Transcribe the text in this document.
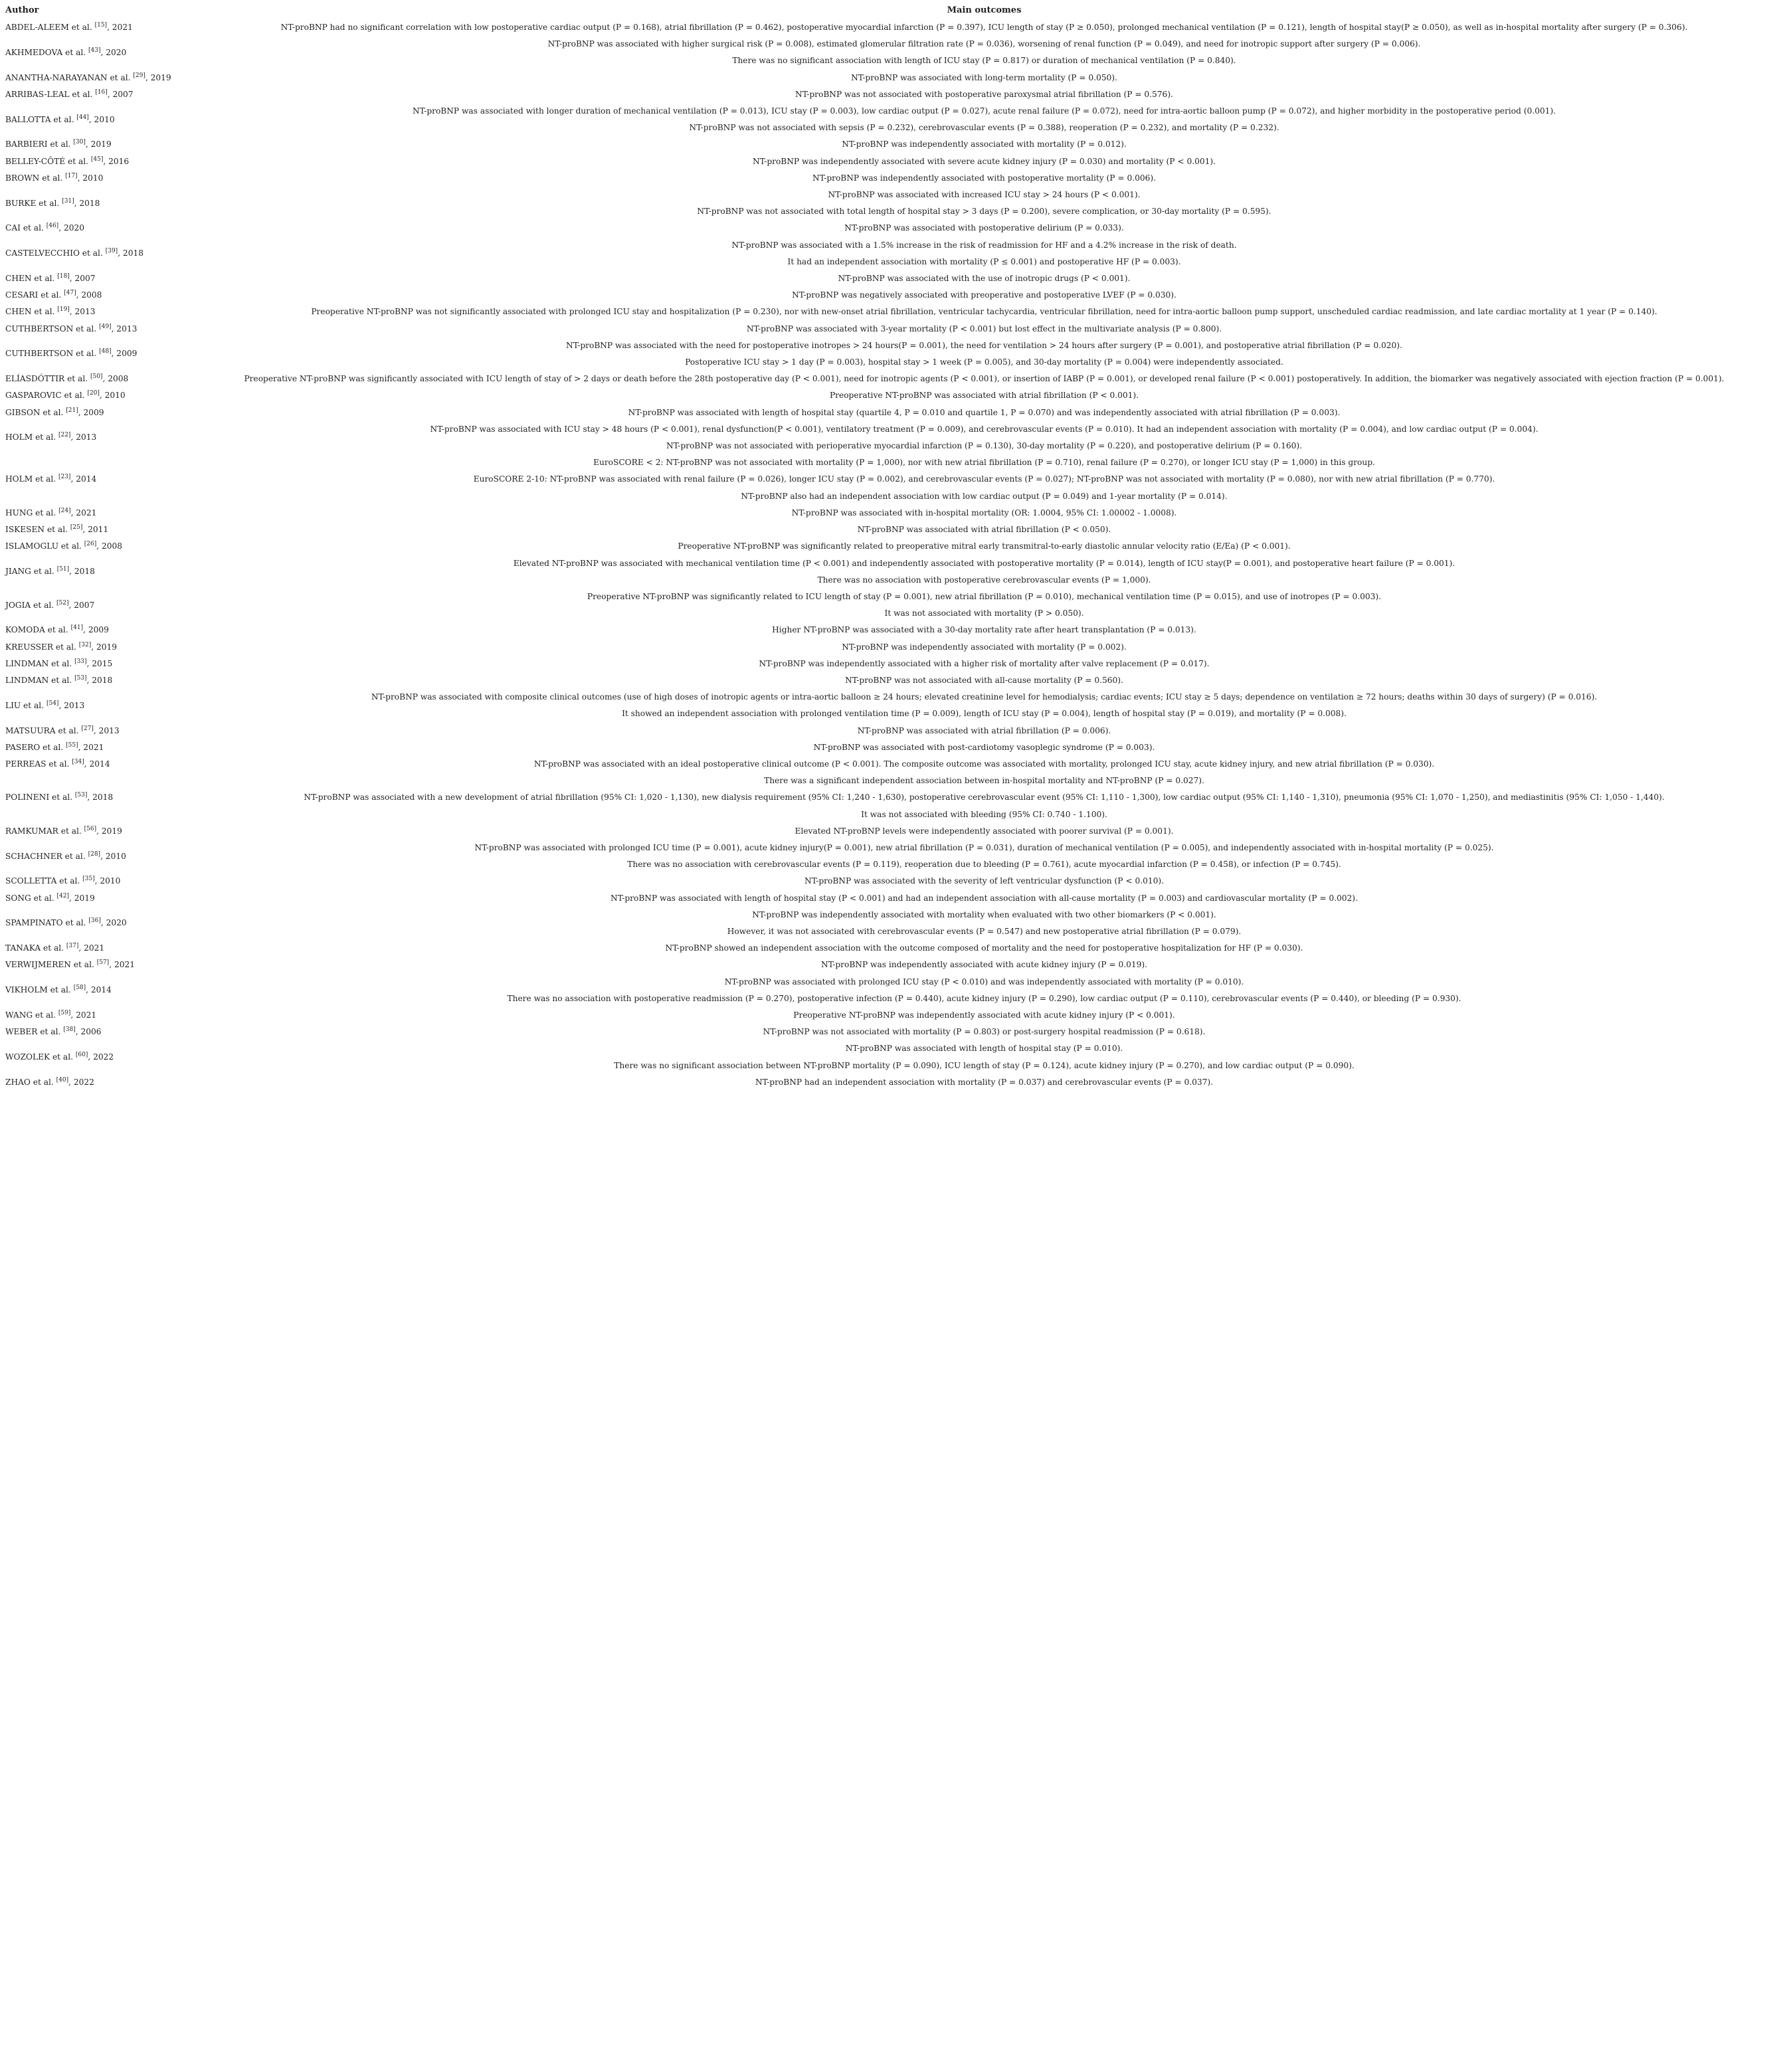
Author	Main outcomes
ABDEL-ALEEM et al. [15], 2021	NT-proBNP had no significant correlation with low postoperative cardiac output (P = 0.168), atrial fibrillation (P = 0.462), postoperative myocardial infarction (P = 0.397), ICU length of stay (P ≥ 0.050), prolonged mechanical ventilation (P = 0.121), length of hospital stay(P ≥ 0.050), as well as in-hospital mortality after surgery (P = 0.306).

AKHMEDOVA et al. [43], 2020	NT-proBNP was associated with higher surgical risk (P = 0.008), estimated glomerular filtration rate (P = 0.036), worsening of renal function (P = 0.049), and need for inotropic support after surgery (P = 0.006).
There was no significant association with length of ICU stay (P = 0.817) or duration of mechanical ventilation (P = 0.840).

ANANTHA-NARAYANAN et al. [29], 2019	NT-proBNP was associated with long-term mortality (P = 0.050).

ARRIBAS-LEAL et al. [16], 2007	NT-proBNP was not associated with postoperative paroxysmal atrial fibrillation (P = 0.576).

BALLOTTA et al. [44], 2010	NT-proBNP was associated with longer duration of mechanical ventilation (P = 0.013), ICU stay (P = 0.003), low cardiac output (P = 0.027), acute renal failure (P = 0.072), need for intra-aortic balloon pump (P = 0.072), and higher morbidity in the postoperative period (0.001).
NT-proBNP was not associated with sepsis (P = 0.232), cerebrovascular events (P = 0.388), reoperation (P = 0.232), and mortality (P = 0.232).

BARBIERI et al. [30], 2019	NT-proBNP was independently associated with mortality (P = 0.012).

BELLEY-CÔTÉ et al. [45], 2016	NT-proBNP was independently associated with severe acute kidney injury (P = 0.030) and mortality (P < 0.001).

BROWN et al. [17], 2010	NT-proBNP was independently associated with postoperative mortality (P = 0.006).

BURKE et al. [31], 2018	NT-proBNP was associated with increased ICU stay > 24 hours (P < 0.001).
NT-proBNP was not associated with total length of hospital stay > 3 days (P = 0.200), severe complication, or 30-day mortality (P = 0.595).

CAI et al. [46], 2020	NT-proBNP was associated with postoperative delirium (P = 0.033).

CASTELVECCHIO et al. [39], 2018	NT-proBNP was associated with a 1.5% increase in the risk of readmission for HF and a 4.2% increase in the risk of death.
It had an independent association with mortality (P ≤ 0.001) and postoperative HF (P = 0.003).

CHEN et al. [18], 2007	NT-proBNP was associated with the use of inotropic drugs (P < 0.001).

CESARI et al. [47], 2008	NT-proBNP was negatively associated with preoperative and postoperative LVEF (P = 0.030).

CHEN et al. [19], 2013	Preoperative NT-proBNP was not significantly associated with prolonged ICU stay and hospitalization (P = 0.230), nor with new-onset atrial fibrillation, ventricular tachycardia, ventricular fibrillation, need for intra-aortic balloon pump support, unscheduled cardiac readmission, and late cardiac mortality at 1 year (P = 0.140).

CUTHBERTSON et al. [49], 2013	NT-proBNP was associated with 3-year mortality (P < 0.001) but lost effect in the multivariate analysis (P = 0.800).

CUTHBERTSON et al. [48], 2009	NT-proBNP was associated with the need for postoperative inotropes > 24 hours(P = 0.001), the need for ventilation > 24 hours after surgery (P = 0.001), and postoperative atrial fibrillation (P = 0.020).
Postoperative ICU stay > 1 day (P = 0.003), hospital stay > 1 week (P = 0.005), and 30-day mortality (P = 0.004) were independently associated.

ELÍASDÓTTIR et al. [50], 2008	Preoperative NT-proBNP was significantly associated with ICU length of stay of > 2 days or death before the 28th postoperative day (P < 0.001), need for inotropic agents (P < 0.001), or insertion of IABP (P = 0.001), or developed renal failure (P < 0.001) postoperatively. In addition, the biomarker was negatively associated with ejection fraction (P = 0.001).

GASPAROVIC et al. [20], 2010	Preoperative NT-proBNP was associated with atrial fibrillation (P < 0.001).

GIBSON et al. [21], 2009	NT-proBNP was associated with length of hospital stay (quartile 4, P = 0.010 and quartile 1, P = 0.070) and was independently associated with atrial fibrillation (P = 0.003).

HOLM et al. [22], 2013	NT-proBNP was associated with ICU stay > 48 hours (P < 0.001), renal dysfunction(P < 0.001), ventilatory treatment (P = 0.009), and cerebrovascular events (P = 0.010). It had an independent association with mortality (P = 0.004), and low cardiac output (P = 0.004).
NT-proBNP was not associated with perioperative myocardial infarction (P = 0.130), 30-day mortality (P = 0.220), and postoperative delirium (P = 0.160).

HOLM et al. [23], 2014	EuroSCORE < 2: NT-proBNP was not associated with mortality (P = 1,000), nor with new atrial fibrillation (P = 0.710), renal failure (P = 0.270), or longer ICU stay (P = 1,000) in this group.
EuroSCORE 2-10: NT-proBNP was associated with renal failure (P = 0.026), longer ICU stay (P = 0.002), and cerebrovascular events (P = 0.027); NT-proBNP was not associated with mortality (P = 0.080), nor with new atrial fibrillation (P = 0.770).
NT-proBNP also had an independent association with low cardiac output (P = 0.049) and 1-year mortality (P = 0.014).

HUNG et al. [24], 2021	NT-proBNP was associated with in-hospital mortality (OR: 1.0004, 95% CI: 1.00002 - 1.0008).

ISKESEN et al. [25], 2011	NT-proBNP was associated with atrial fibrillation (P < 0.050).

ISLAMOGLU et al. [26], 2008	Preoperative NT-proBNP was significantly related to preoperative mitral early transmitral-to-early diastolic annular velocity ratio (E/Ea) (P < 0.001).

JIANG et al. [51], 2018	Elevated NT-proBNP was associated with mechanical ventilation time (P < 0.001) and independently associated with postoperative mortality (P = 0.014), length of ICU stay(P = 0.001), and postoperative heart failure (P = 0.001).
There was no association with postoperative cerebrovascular events (P = 1,000).

JOGIA et al. [52], 2007	Preoperative NT-proBNP was significantly related to ICU length of stay (P = 0.001), new atrial fibrillation (P = 0.010), mechanical ventilation time (P = 0.015), and use of inotropes (P = 0.003).
It was not associated with mortality (P > 0.050).

KOMODA et al. [41], 2009	Higher NT-proBNP was associated with a 30-day mortality rate after heart transplantation (P = 0.013).

KREUSSER et al. [32], 2019	NT-proBNP was independently associated with mortality (P = 0.002).

LINDMAN et al. [33], 2015	NT-proBNP was independently associated with a higher risk of mortality after valve replacement (P = 0.017).

LINDMAN et al. [53], 2018	NT-proBNP was not associated with all-cause mortality (P = 0.560).

LIU et al. [54], 2013	NT-proBNP was associated with composite clinical outcomes (use of high doses of inotropic agents or intra-aortic balloon ≥ 24 hours; elevated creatinine level for hemodialysis; cardiac events; ICU stay ≥ 5 days; dependence on ventilation ≥ 72 hours; deaths within 30 days of surgery) (P = 0.016).
It showed an independent association with prolonged ventilation time (P = 0.009), length of ICU stay (P = 0.004), length of hospital stay (P = 0.019), and mortality (P = 0.008).

MATSUURA et al. [27], 2013	NT-proBNP was associated with atrial fibrillation (P = 0.006).

PASERO et al. [55], 2021	NT-proBNP was associated with post-cardiotomy vasoplegic syndrome (P = 0.003).

PERREAS et al. [34], 2014	NT-proBNP was associated with an ideal postoperative clinical outcome (P < 0.001). The composite outcome was associated with mortality, prolonged ICU stay, acute kidney injury, and new atrial fibrillation (P = 0.030).

POLINENI et al. [53], 2018	There was a significant independent association between in-hospital mortality and NT-proBNP (P = 0.027).
NT-proBNP was associated with a new development of atrial fibrillation (95% CI: 1,020 - 1,130), new dialysis requirement (95% CI: 1,240 - 1,630), postoperative cerebrovascular event (95% CI: 1,110 - 1,300), low cardiac output (95% CI: 1,140 - 1,310), pneumonia (95% CI: 1,070 - 1,250), and mediastinitis (95% CI: 1,050 - 1,440).
It was not associated with bleeding (95% CI: 0.740 - 1.100).

RAMKUMAR et al. [56], 2019	Elevated NT-proBNP levels were independently associated with poorer survival (P = 0.001).

SCHACHNER et al. [28], 2010	NT-proBNP was associated with prolonged ICU time (P = 0.001), acute kidney injury(P = 0.001), new atrial fibrillation (P = 0.031), duration of mechanical ventilation (P = 0.005), and independently associated with in-hospital mortality (P = 0.025).
There was no association with cerebrovascular events (P = 0.119), reoperation due to bleeding (P = 0.761), acute myocardial infarction (P = 0.458), or infection (P = 0.745).

SCOLLETTA et al. [35], 2010	NT-proBNP was associated with the severity of left ventricular dysfunction (P < 0.010).

SONG et al. [42], 2019	NT-proBNP was associated with length of hospital stay (P < 0.001) and had an independent association with all-cause mortality (P = 0.003) and cardiovascular mortality (P = 0.002).

SPAMPINATO et al. [36], 2020	NT-proBNP was independently associated with mortality when evaluated with two other biomarkers (P < 0.001).
However, it was not associated with cerebrovascular events (P = 0.547) and new postoperative atrial fibrillation (P = 0.079).

TANAKA et al. [37], 2021	NT-proBNP showed an independent association with the outcome composed of mortality and the need for postoperative hospitalization for HF (P = 0.030).

VERWIJMEREN et al. [57], 2021	NT-proBNP was independently associated with acute kidney injury (P = 0.019).

VIKHOLM et al. [58], 2014	NT-proBNP was associated with prolonged ICU stay (P < 0.010) and was independently associated with mortality (P = 0.010).
There was no association with postoperative readmission (P = 0.270), postoperative infection (P = 0.440), acute kidney injury (P = 0.290), low cardiac output (P = 0.110), cerebrovascular events (P = 0.440), or bleeding (P = 0.930).

WANG et al. [59], 2021	Preoperative NT-proBNP was independently associated with acute kidney injury (P < 0.001).

WEBER et al. [38], 2006	NT-proBNP was not associated with mortality (P = 0.803) or post-surgery hospital readmission (P = 0.618).

WOZOLEK et al. [60], 2022	NT-proBNP was associated with length of hospital stay (P = 0.010).
There was no significant association between NT-proBNP mortality (P = 0.090), ICU length of stay (P = 0.124), acute kidney injury (P = 0.270), and low cardiac output (P = 0.090).

ZHAO et al. [40], 2022	NT-proBNP had an independent association with mortality (P = 0.037) and cerebrovascular events (P = 0.037).
